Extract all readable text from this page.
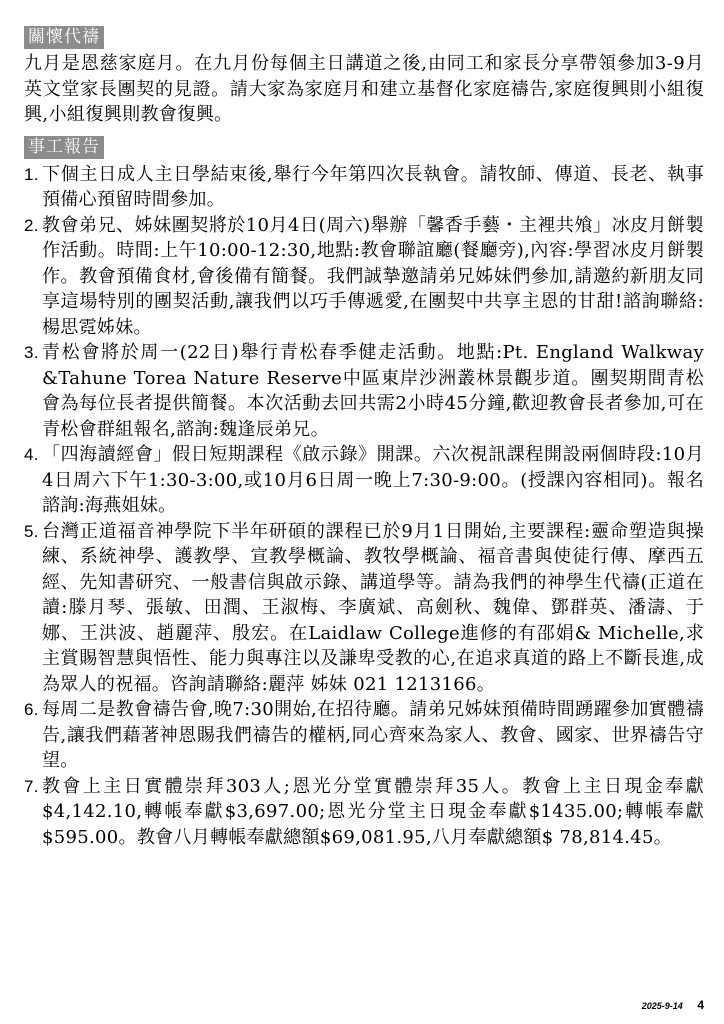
關懷代禱

九月是恩慈家庭月。在九月份每個主日講道之後,由同工和家長分享帶領參加3-9月英文堂家長團契的見證。請大家為家庭月和建立基督化家庭禱告,家庭復興則小組復興,小組復興則教會復興。

事工報告
1. 下個主日成人主日學結束後,舉行今年第四次長執會。請牧師、傳道、長老、執事預備心預留時間參加。
2. 教會弟兄、姊妹團契將於10月4日(周六)舉辦「馨香手藝・主裡共飧」冰皮月餅製作活動。時間:上午10:00-12:30,地點:教會聯誼廳(餐廳旁),內容:學習冰皮月餅製作。教會預備食材,會後備有簡餐。我們誠摯邀請弟兄姊妹們參加,請邀約新朋友同享這場特別的團契活動,讓我們以巧手傳遞愛,在團契中共享主恩的甘甜!諮詢聯絡:楊思霓姊妹。
3. 青松會將於周一(22日)舉行青松春季健走活動。地點:Pt. England Walkway &Tahune Torea Nature Reserve中區東岸沙洲叢林景觀步道。團契期間青松會為每位長者提供簡餐。本次活動去回共需2小時45分鐘,歡迎教會長者參加,可在青松會群組報名,諮詢:魏逢辰弟兄。
4. 「四海讀經會」假日短期課程《啟示錄》開課。六次視訊課程開設兩個時段:10月4日周六下午1:30-3:00,或10月6日周一晚上7:30-9:00。(授課內容相同)。報名諮詢:海燕姐妹。
5. 台灣正道福音神學院下半年研碩的課程已於9月1日開始,主要課程:靈命塑造與操練、系統神學、護教學、宣教學概論、教牧學概論、福音書與使徒行傳、摩西五經、先知書研究、一般書信與啟示錄、講道學等。請為我們的神學生代禱(正道在讀:滕月琴、張敏、田潤、王淑梅、李廣斌、高劍秋、魏偉、鄧群英、潘濤、于娜、王洪波、趙麗萍、殷宏。在Laidlaw College進修的有邵娟& Michelle,求主賞賜智慧與悟性、能力與專注以及謙卑受教的心,在追求真道的路上不斷長進,成為眾人的祝福。咨詢請聯絡:麗萍 姊妹 021 1213166。
6. 每周二是教會禱告會,晚7:30開始,在招待廳。請弟兄姊妹預備時間踴躍參加實體禱告,讓我們藉著神恩賜我們禱告的權柄,同心齊來為家人、教會、國家、世界禱告守望。
7. 教會上主日實體崇拜303人;恩光分堂實體崇拜35人。教會上主日現金奉獻$4,142.10,轉帳奉獻$3,697.00;恩光分堂主日現金奉獻$1435.00;轉帳奉獻$595.00。教會八月轉帳奉獻總額$69,081.95,八月奉獻總額$ 78,814.45。
2025-9-14 4
